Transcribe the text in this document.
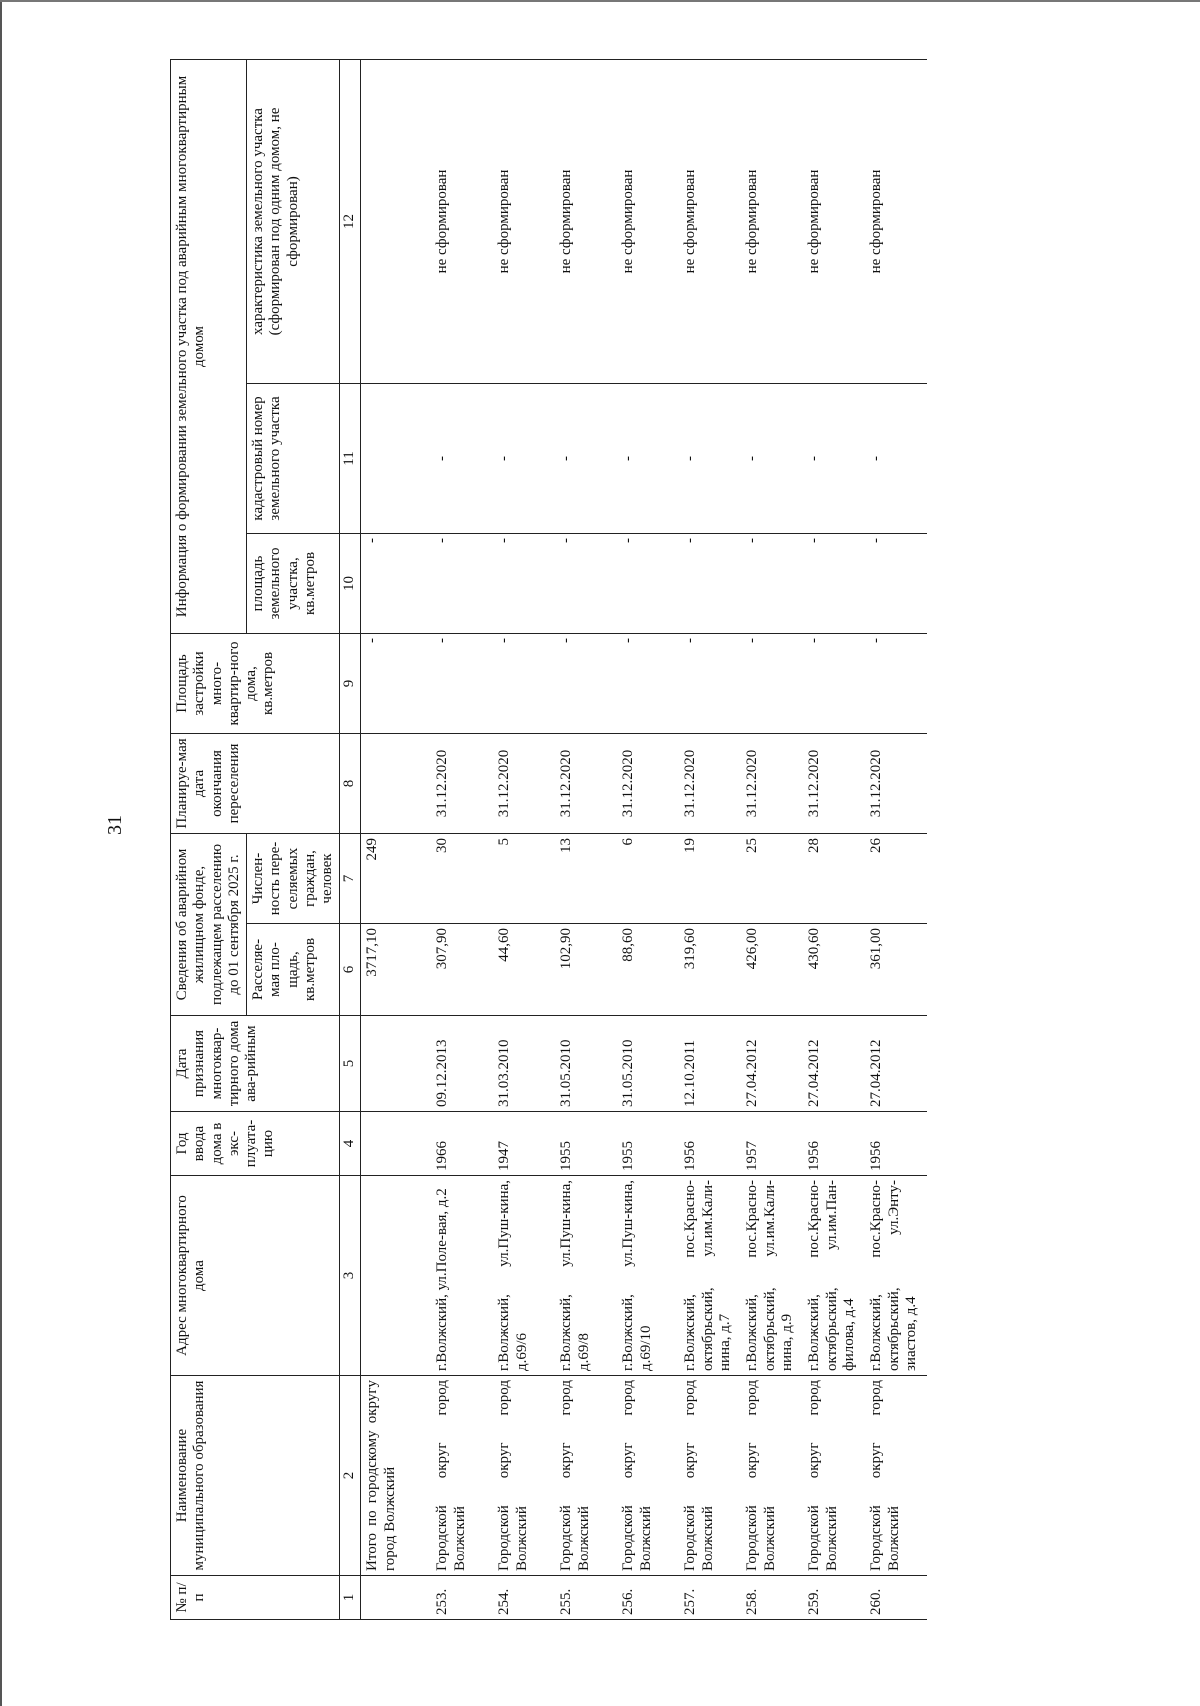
31
№ п/п	Наименование муниципального образования	Адрес многоквартирного дома	Год ввода дома в экс-плуата-цию	Дата признания многоквар-тирного дома ава-рийным	Сведения об аварийном жилищном фонде, подлежащем расселению до 01 сентября 2025 г.		Планируе-мая дата окончания переселения	Площадь застройки много-квартир-ного дома, кв.метров	Информация о формировании земельного участка под аварийным многоквартирным домом		
					Расселяе-мая пло-щадь, кв.метров	Числен-ность пере-селяемых граждан, человек			площадь земельного участка, кв.метров	кадастровый номер земельного участка	характеристика земельного участка (сформирован под одним домом, не сформирован)
1	2	3	4	5	6	7	8	9	10	11	12
	Итого по городскому округу город Волжский				3717,10	249		-	-		
253.	Городской округ город Волжский	г.Волжский, ул.Поле-вая, д.2	1966	09.12.2013	307,90	30	31.12.2020	-	-	-	не сформирован
254.	Городской округ город Волжский	г.Волжский, ул.Пуш-кина, д.69/6	1947	31.03.2010	44,60	5	31.12.2020	-	-	-	не сформирован
255.	Городской округ город Волжский	г.Волжский, ул.Пуш-кина, д.69/8	1955	31.05.2010	102,90	13	31.12.2020	-	-	-	не сформирован
256.	Городской округ город Волжский	г.Волжский, ул.Пуш-кина, д.69/10	1955	31.05.2010	88,60	6	31.12.2020	-	-	-	не сформирован
257.	Городской округ город Волжский	г.Волжский, пос.Красно-октябрьский, ул.им.Кали-нина, д.7	1956	12.10.2011	319,60	19	31.12.2020	-	-	-	не сформирован
258.	Городской округ город Волжский	г.Волжский, пос.Красно-октябрьский, ул.им.Кали-нина, д.9	1957	27.04.2012	426,00	25	31.12.2020	-	-	-	не сформирован
259.	Городской округ город Волжский	г.Волжский, пос.Красно-октябрьский, ул.им.Пан-филова, д.4	1956	27.04.2012	430,60	28	31.12.2020	-	-	-	не сформирован
260.	Городской округ город Волжский	г.Волжский, пос.Красно-октябрьский, ул.Энту-зиастов, д.4	1956	27.04.2012	361,00	26	31.12.2020	-	-	-	не сформирован
